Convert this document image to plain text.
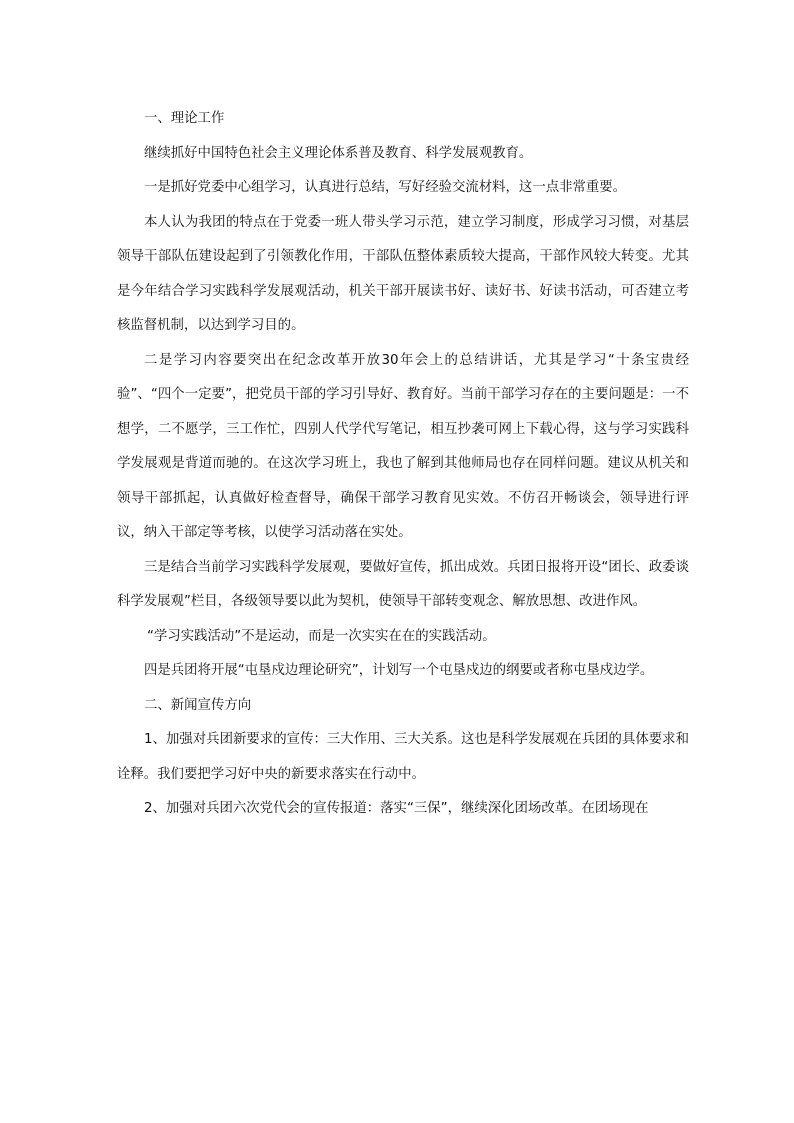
一、理论工作

继续抓好中国特色社会主义理论体系普及教育、科学发展观教育。

一是抓好党委中心组学习，认真进行总结，写好经验交流材料，这一点非常重要。

本人认为我团的特点在于党委一班人带头学习示范，建立学习制度，形成学习习惯，对基层领导干部队伍建设起到了引领教化作用，干部队伍整体素质较大提高，干部作风较大转变。尤其是今年结合学习实践科学发展观活动，机关干部开展读书好、读好书、好读书活动，可否建立考核监督机制，以达到学习目的。

二是学习内容要突出在纪念改革开放30年会上的总结讲话，尤其是学习“十条宝贵经验”、“四个一定要”，把党员干部的学习引导好、教育好。当前干部学习存在的主要问题是：一不想学，二不愿学，三工作忙，四别人代学代写笔记，相互抄袭可网上下载心得，这与学习实践科学发展观是背道而驰的。在这次学习班上，我也了解到其他师局也存在同样问题。建议从机关和领导干部抓起，认真做好检查督导，确保干部学习教育见实效。不仿召开畅谈会，领导进行评议，纳入干部定等考核，以使学习活动落在实处。

三是结合当前学习实践科学发展观，要做好宣传，抓出成效。兵团日报将开设“团长、政委谈科学发展观”栏目，各级领导要以此为契机，使领导干部转变观念、解放思想、改进作风。

“学习实践活动”不是运动，而是一次实实在在的实践活动。

四是兵团将开展“屯垦戍边理论研究”，计划写一个屯垦戍边的纲要或者称屯垦戍边学。

二、新闻宣传方向

1、加强对兵团新要求的宣传：三大作用、三大关系。这也是科学发展观在兵团的具体要求和诠释。我们要把学习好中央的新要求落实在行动中。

2、加强对兵团六次党代会的宣传报道：落实“三保”，继续深化团场改革。在团场现在
